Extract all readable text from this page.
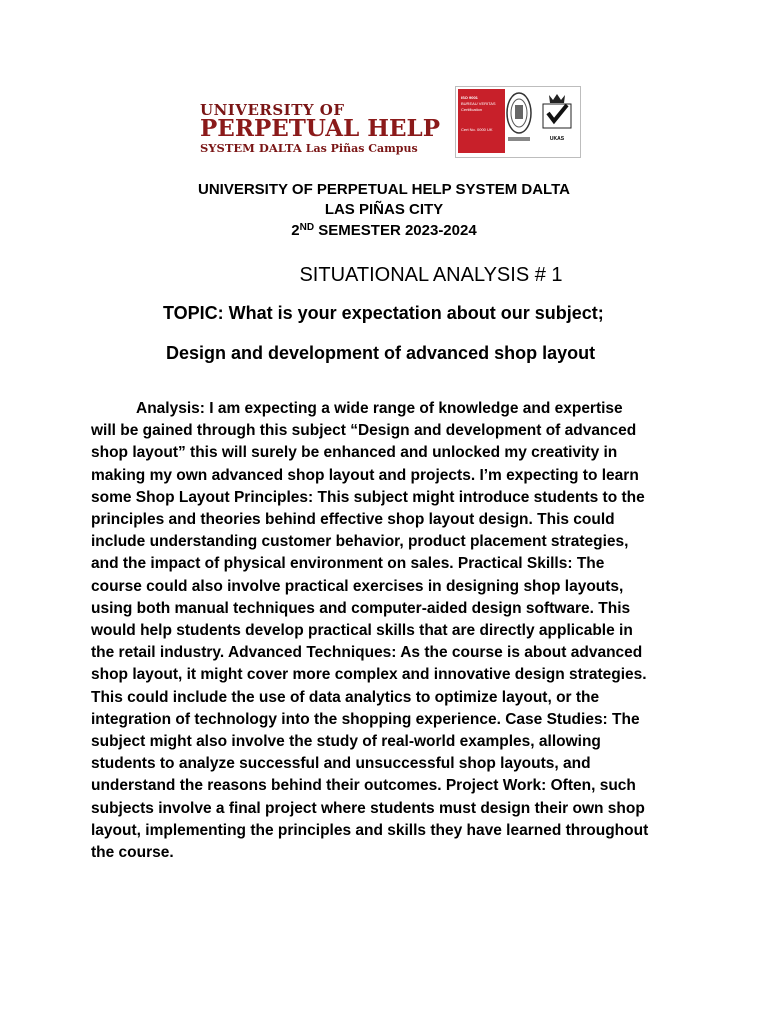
UNIVERSITY OF
PERPETUAL HELP
SYSTEM DALTA Las Piñas Campus
ISO 9001
BUREAU VERITAS
Certification
Cert No. 0000 UK
UKAS
UNIVERSITY OF PERPETUAL HELP SYSTEM DALTA
LAS PIÑAS CITY
2ND SEMESTER 2023-2024
SITUATIONAL ANALYSIS # 1
TOPIC: What is your expectation about our subject;
Design and development of advanced shop layout
Analysis: I am expecting a wide range of knowledge and expertise
will be gained through this subject “Design and development of advanced
shop layout” this will surely be enhanced and unlocked my creativity in
making my own advanced shop layout and projects. I’m expecting to learn
some Shop Layout Principles: This subject might introduce students to the
principles and theories behind effective shop layout design. This could
include understanding customer behavior, product placement strategies,
and the impact of physical environment on sales. Practical Skills: The
course could also involve practical exercises in designing shop layouts,
using both manual techniques and computer-aided design software. This
would help students develop practical skills that are directly applicable in
the retail industry. Advanced Techniques: As the course is about advanced
shop layout, it might cover more complex and innovative design strategies.
This could include the use of data analytics to optimize layout, or the
integration of technology into the shopping experience. Case Studies: The
subject might also involve the study of real-world examples, allowing
students to analyze successful and unsuccessful shop layouts, and
understand the reasons behind their outcomes. Project Work: Often, such
subjects involve a final project where students must design their own shop
layout, implementing the principles and skills they have learned throughout
the course.
